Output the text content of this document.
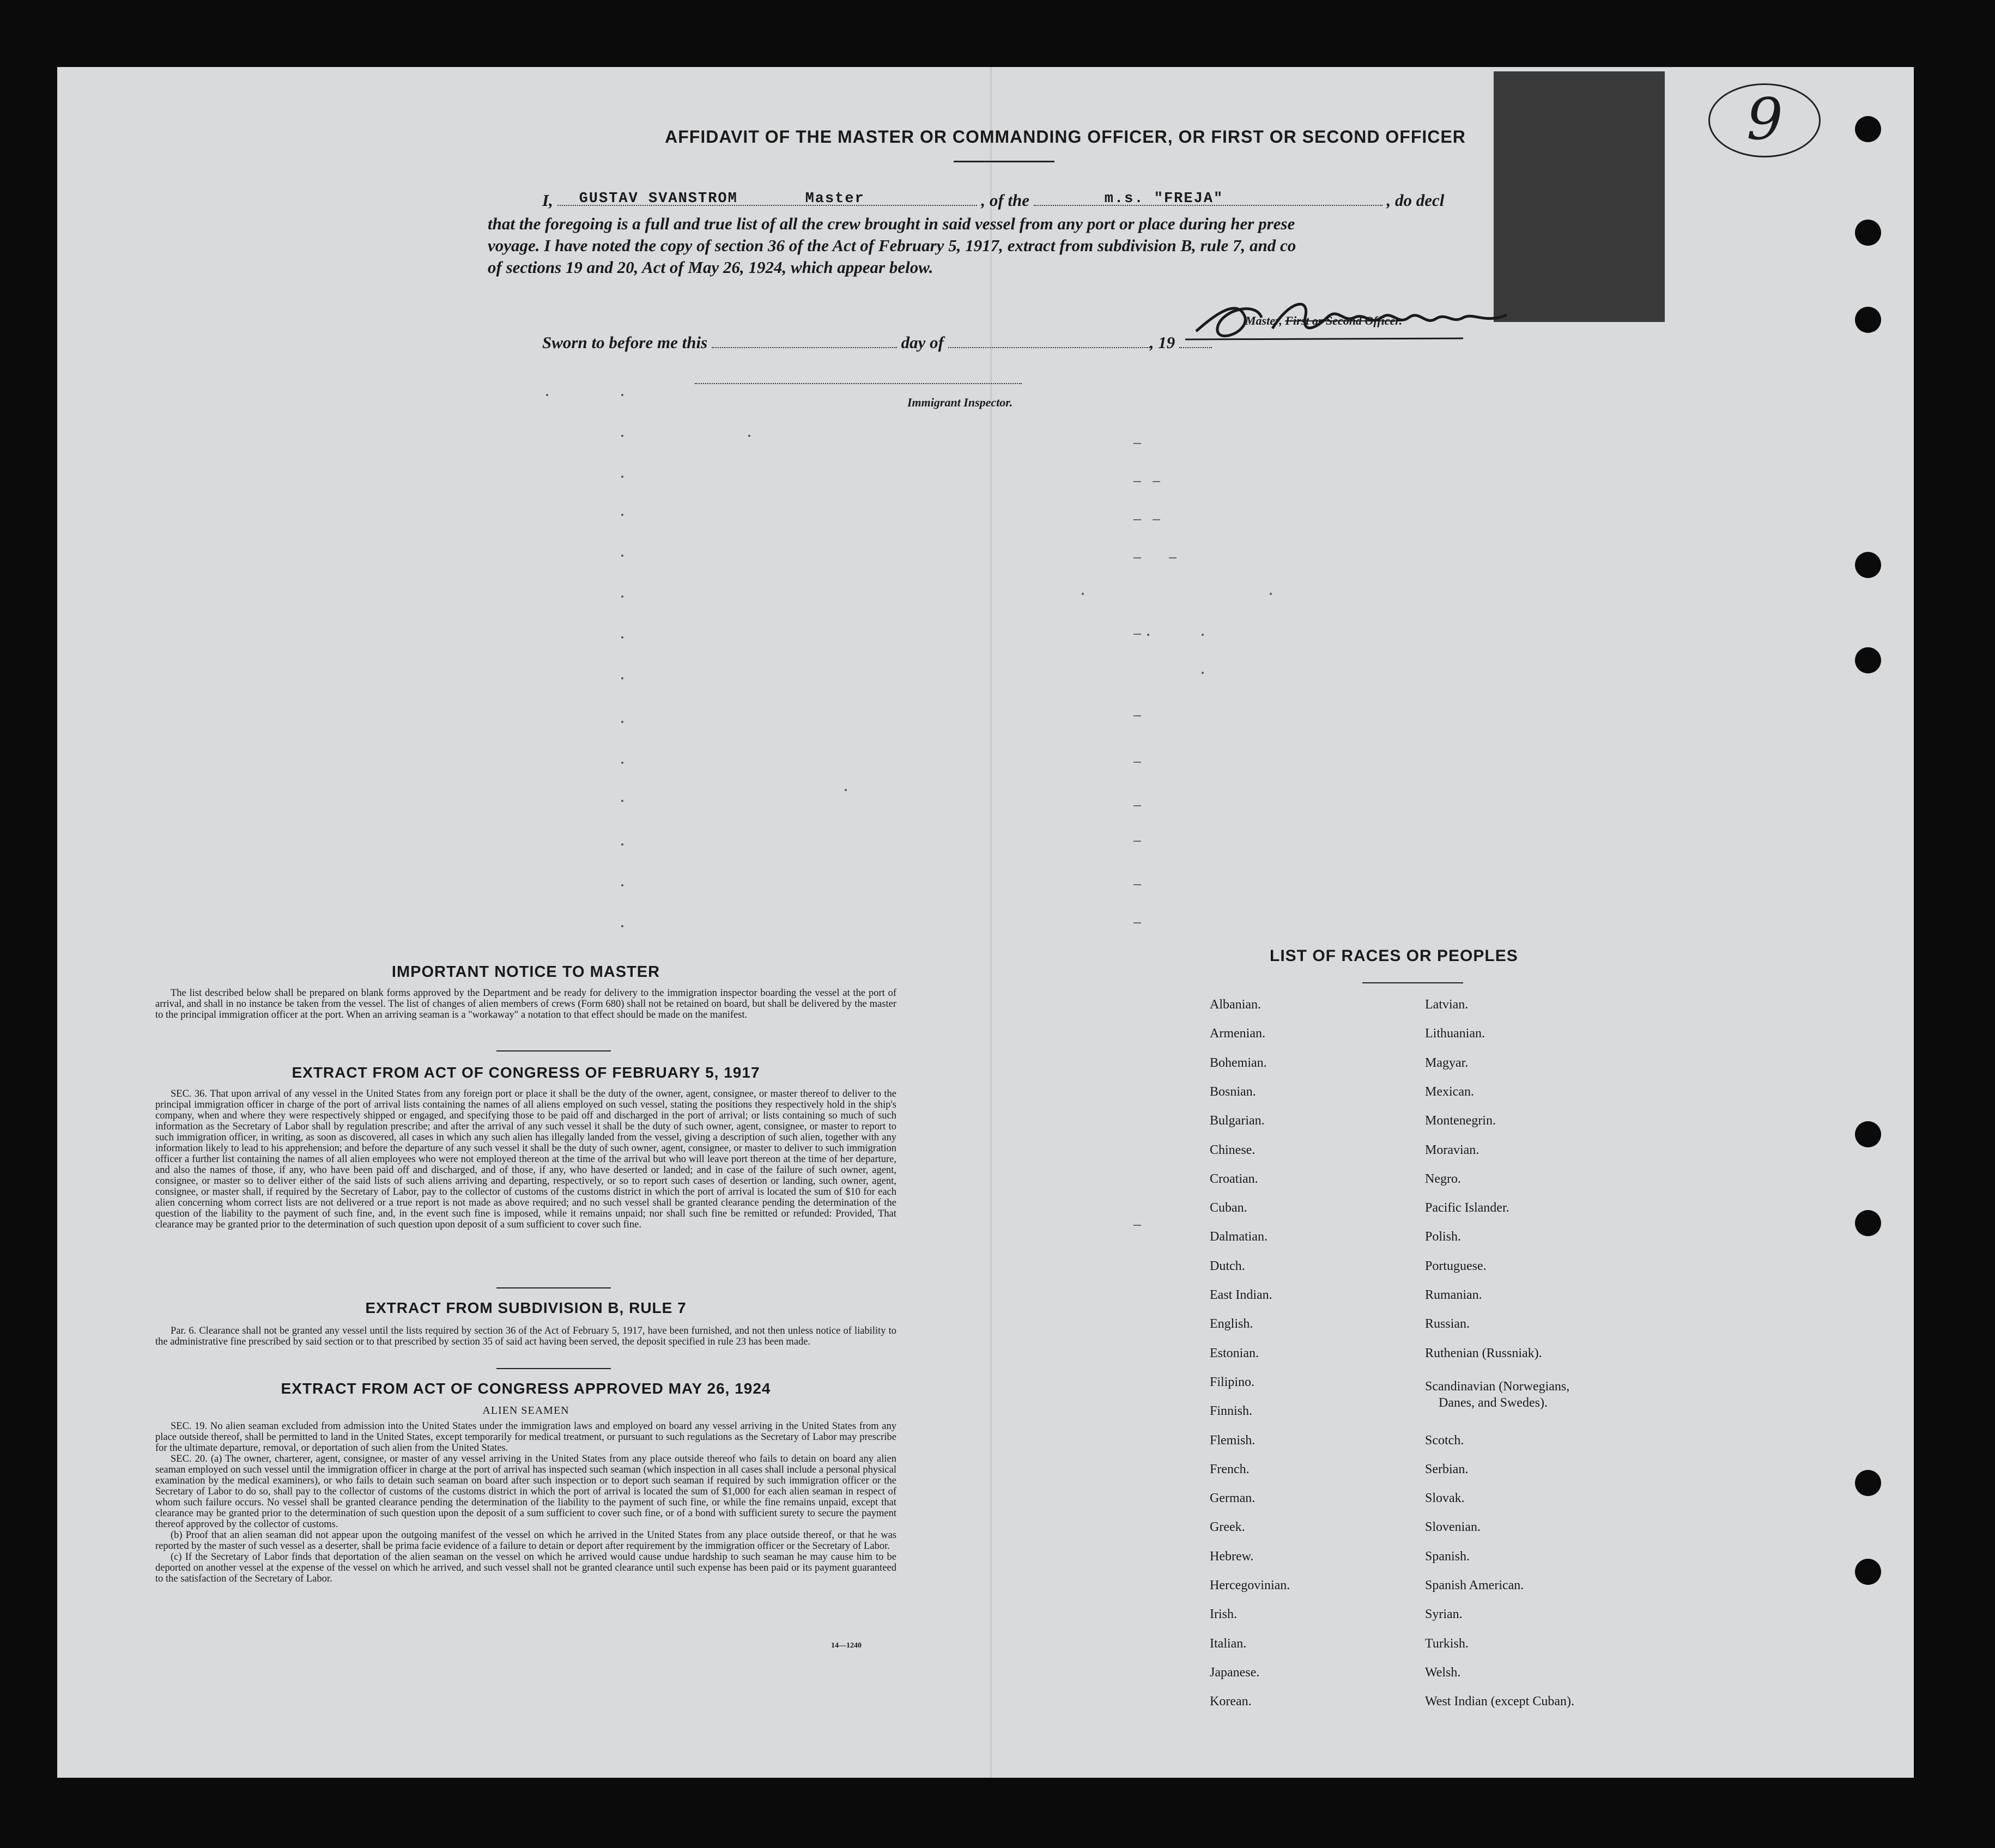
9
AFFIDAVIT OF THE MASTER OR COMMANDING OFFICER, OR FIRST OR SECOND OFFICER
I, GUSTAV SVANSTROM	Master	, of the	m.s. "FREJA"	, do decl
that the foregoing is a full and true list of all the crew brought in said vessel from any port or place during her prese
voyage. I have noted the copy of section 36 of the Act of February 5, 1917, extract from subdivision B, rule 7, and co
of sections 19 and 20, Act of May 26, 1924, which appear below.
Master, First or Second Officer.
Sworn to before me this	day of	, 19
Immigrant Inspector.
IMPORTANT NOTICE TO MASTER

The list described below shall be prepared on blank forms approved by the Department and be ready for delivery to the immigration inspector boarding the vessel at the port of arrival, and shall in no instance be taken from the vessel. The list of changes of alien members of crews (Form 680) shall not be retained on board, but shall be delivered by the master to the principal immigration officer at the port. When an arriving seaman is a "workaway" a notation to that effect should be made on the manifest.

EXTRACT FROM ACT OF CONGRESS OF FEBRUARY 5, 1917

SEC. 36. That upon arrival of any vessel in the United States from any foreign port or place it shall be the duty of the owner, agent, consignee, or master thereof to deliver to the principal immigration officer in charge of the port of arrival lists containing the names of all aliens employed on such vessel, stating the positions they respectively hold in the ship's company, when and where they were respectively shipped or engaged, and specifying those to be paid off and discharged in the port of arrival; or lists containing so much of such information as the Secretary of Labor shall by regulation prescribe; and after the arrival of any such vessel it shall be the duty of such owner, agent, consignee, or master to report to such immigration officer, in writing, as soon as discovered, all cases in which any such alien has illegally landed from the vessel, giving a description of such alien, together with any information likely to lead to his apprehension; and before the departure of any such vessel it shall be the duty of such owner, agent, consignee, or master to deliver to such immigration officer a further list containing the names of all alien employees who were not employed thereon at the time of the arrival but who will leave port thereon at the time of her departure, and also the names of those, if any, who have been paid off and discharged, and of those, if any, who have deserted or landed; and in case of the failure of such owner, agent, consignee, or master so to deliver either of the said lists of such aliens arriving and departing, respectively, or so to report such cases of desertion or landing, such owner, agent, consignee, or master shall, if required by the Secretary of Labor, pay to the collector of customs of the customs district in which the port of arrival is located the sum of $10 for each alien concerning whom correct lists are not delivered or a true report is not made as above required; and no such vessel shall be granted clearance pending the determination of the question of the liability to the payment of such fine, and, in the event such fine is imposed, while it remains unpaid; nor shall such fine be remitted or refunded: Provided, That clearance may be granted prior to the determination of such question upon deposit of a sum sufficient to cover such fine.

EXTRACT FROM SUBDIVISION B, RULE 7

Par. 6. Clearance shall not be granted any vessel until the lists required by section 36 of the Act of February 5, 1917, have been furnished, and not then unless notice of liability to the administrative fine prescribed by said section or to that prescribed by section 35 of said act having been served, the deposit specified in rule 23 has been made.

EXTRACT FROM ACT OF CONGRESS APPROVED MAY 26, 1924
ALIEN SEAMEN

SEC. 19. No alien seaman excluded from admission into the United States under the immigration laws and employed on board any vessel arriving in the United States from any place outside thereof, shall be permitted to land in the United States, except temporarily for medical treatment, or pursuant to such regulations as the Secretary of Labor may prescribe for the ultimate departure, removal, or deportation of such alien from the United States.

SEC. 20. (a) The owner, charterer, agent, consignee, or master of any vessel arriving in the United States from any place outside thereof who fails to detain on board any alien seaman employed on such vessel until the immigration officer in charge at the port of arrival has inspected such seaman (which inspection in all cases shall include a personal physical examination by the medical examiners), or who fails to detain such seaman on board after such inspection or to deport such seaman if required by such immigration officer or the Secretary of Labor to do so, shall pay to the collector of customs of the customs district in which the port of arrival is located the sum of $1,000 for each alien seaman in respect of whom such failure occurs. No vessel shall be granted clearance pending the determination of the liability to the payment of such fine, or while the fine remains unpaid, except that clearance may be granted prior to the determination of such question upon the deposit of a sum sufficient to cover such fine, or of a bond with sufficient surety to secure the payment thereof approved by the collector of customs.

(b) Proof that an alien seaman did not appear upon the outgoing manifest of the vessel on which he arrived in the United States from any place outside thereof, or that he was reported by the master of such vessel as a deserter, shall be prima facie evidence of a failure to detain or deport after requirement by the immigration officer or the Secretary of Labor.

(c) If the Secretary of Labor finds that deportation of the alien seaman on the vessel on which he arrived would cause undue hardship to such seaman he may cause him to be deported on another vessel at the expense of the vessel on which he arrived, and such vessel shall not be granted clearance until such expense has been paid or its payment guaranteed to the satisfaction of the Secretary of Labor.

14—1240
LIST OF RACES OR PEOPLES
Albanian.
Armenian.
Bohemian.
Bosnian.
Bulgarian.
Chinese.
Croatian.
Cuban.
Dalmatian.
Dutch.
East Indian.
English.
Estonian.
Filipino.
Finnish.
Flemish.
French.
German.
Greek.
Hebrew.
Hercegovinian.
Irish.
Italian.
Japanese.
Korean.
Latvian.
Lithuanian.
Magyar.
Mexican.
Montenegrin.
Moravian.
Negro.
Pacific Islander.
Polish.
Portuguese.
Rumanian.
Russian.
Ruthenian (Russniak).
Scandinavian (Norwegians,
Danes, and Swedes).
Scotch.
Serbian.
Slovak.
Slovenian.
Spanish.
Spanish American.
Syrian.
Turkish.
Welsh.
West Indian (except Cuban).
